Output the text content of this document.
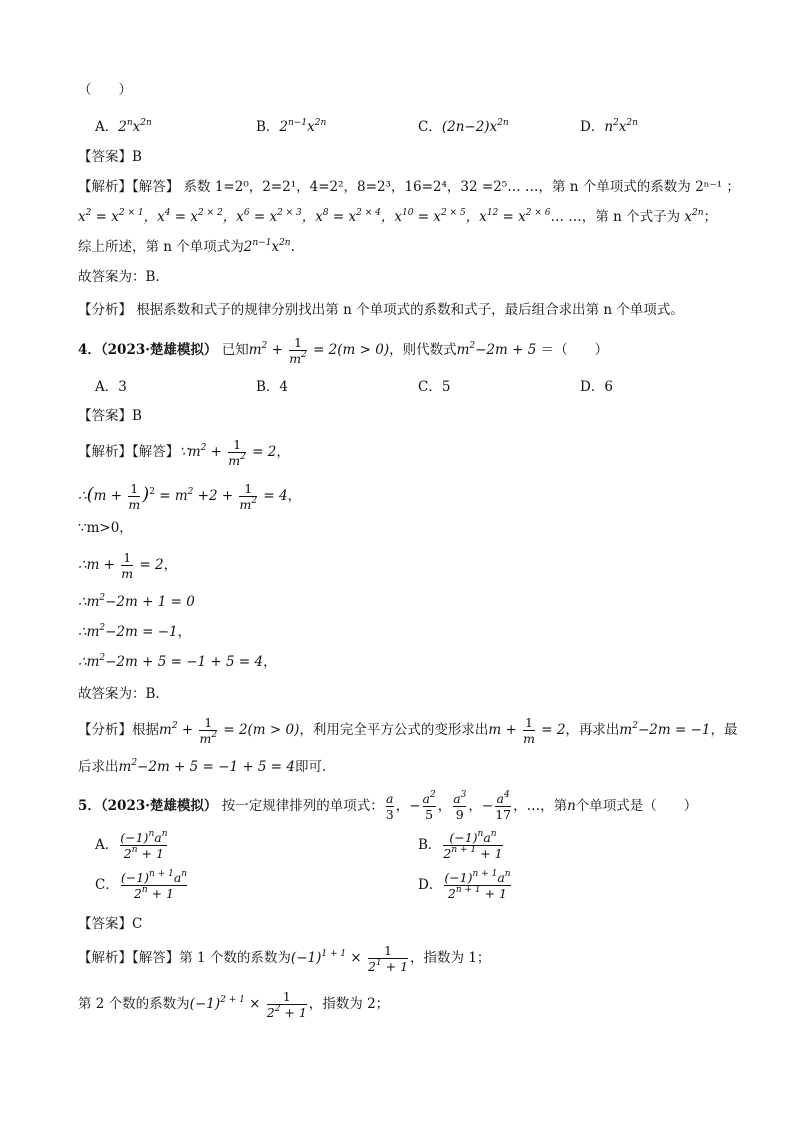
（　　）
A．$2^nx^{2n}$	B．$2^{n-1}x^{2n}$	C．$(2n-2)x^{2n}$	D．$n^2x^{2n}$
【答案】B
【解析】【解答】 系数 1=2⁰，2=2¹，4=2²，8=2³，16=2⁴，32 =2⁵… …，第 n 个单项式的系数为 2ⁿ⁻¹ ；
$x^2 = x^{2 \times 1}$，$x^4 = x^{2 \times 2}$，$x^6 = x^{2 \times 3}$，$x^8 = x^{2 \times 4}$，$x^{10} = x^{2 \times 5}$，$x^{12}$ = $x^{2 \times 6}\dots$ …，第 n 个式子为 $x^{2n}$；
综上所述，第 n 个单项式为$2^{n-1}x^{2n}$.
故答案为：B.
【分析】 根据系数和式子的规律分别找出第 n 个单项式的系数和式子，最后组合求出第 n 个单项式。
4．（2023·楚雄模拟） 已知$m^2 + \frac{1}{m^2} = 2(m > 0)$，则代数式$m^2-2m + 5$ ＝（　　）
A．3	B．4	C．5	D．6
【答案】B
【解析】【解答】$\because m^2 + \frac{1}{m^2} = 2$，
∴(m + $\frac{1}{m} )^2 = m^2 +2 + \frac{1}{m^2} = 4$，
∵m>0，
∴m + $\frac{1}{m} = 2$，
$\therefore m^2-2m + 1 = 0$
$\therefore m^2-2m = -1$，
$\therefore m^2-2m + 5 = -1 + 5 = 4$，
故答案为：B.
【分析】根据$m^2 + \frac{1}{m^2} = 2(m > 0)$，利用完全平方公式的变形求出$m + \frac{1}{m} = 2$，再求出$m^2-2m = -1$，最
后求出$m^2-2m + 5 = -1 + 5 = 4$即可.
5．（2023·楚雄模拟） 按一定规律排列的单项式： $\frac{a}{3}$ ，− $\frac{a^2}{5}$ ， $\frac{a^3}{9}$ ，− $\frac{a^4}{17}$ ，…，第n个单项式是（　　）
A． $(-1)^na^n$
$2^n + 1$
B． $(-1)^na^n$
$2^{n + 1} + 1$
C． $\frac{(-1)^{n + 1}a^n}{2^n + 1}$	D． $\frac{(-1)^{n + 1}a^n}{2^{n + 1} + 1}$
【答案】C
【解析】【解答】第 1 个数的系数为$(-1)^{1 + 1} \times \frac{1}{2^1 + 1}$ ，指数为 1；
第 2 个数的系数为$(-1)^{2 + 1} \times \frac{1}{2^2 + 1}$ ，指数为 2；
